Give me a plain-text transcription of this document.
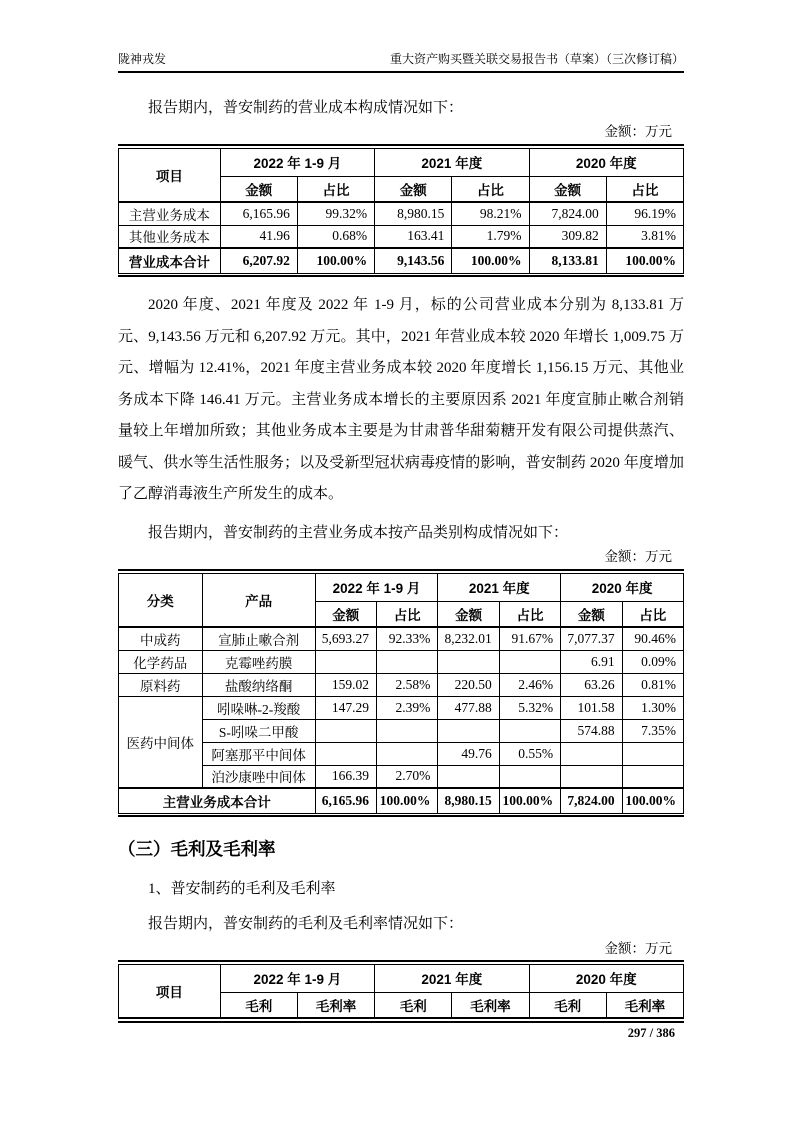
陇神戎发	重大资产购买暨关联交易报告书（草案）（三次修订稿）

报告期内，普安制药的营业成本构成情况如下：

金额：万元
项目	2022 年 1-9 月		2021 年度		2020 年度	
	金额	占比	金额	占比	金额	占比
主营业务成本	6,165.96	99.32%	8,980.15	98.21%	7,824.00	96.19%
其他业务成本	41.96	0.68%	163.41	1.79%	309.82	3.81%
营业成本合计	6,207.92	100.00%	9,143.56	100.00%	8,133.81	100.00%

2020 年度、2021 年度及 2022 年 1-9 月，标的公司营业成本分别为 8,133.81 万元、9,143.56 万元和 6,207.92 万元。其中，2021 年营业成本较 2020 年增长 1,009.75 万元、增幅为 12.41%，2021 年度主营业务成本较 2020 年度增长 1,156.15 万元、其他业务成本下降 146.41 万元。主营业务成本增长的主要原因系 2021 年度宣肺止嗽合剂销量较上年增加所致；其他业务成本主要是为甘肃普华甜菊糖开发有限公司提供蒸汽、暖气、供水等生活性服务；以及受新型冠状病毒疫情的影响，普安制药 2020 年度增加了乙醇消毒液生产所发生的成本。

报告期内，普安制药的主营业务成本按产品类别构成情况如下：

金额：万元
分类	产品	2022 年 1-9 月		2021 年度		2020 年度	
		金额	占比	金额	占比	金额	占比
中成药	宣肺止嗽合剂	5,693.27	92.33%	8,232.01	91.67%	7,077.37	90.46%
化学药品	克霉唑药膜					6.91	0.09%
原料药	盐酸纳络酮	159.02	2.58%	220.50	2.46%	63.26	0.81%
医药中间体	吲哚啉-2-羧酸	147.29	2.39%	477.88	5.32%	101.58	1.30%
	S-吲哚二甲酸					574.88	7.35%
	阿塞那平中间体			49.76	0.55%		
	泊沙康唑中间体	166.39	2.70%				
主营业务成本合计		6,165.96	100.00%	8,980.15	100.00%	7,824.00	100.00%
（三）毛利及毛利率

1、普安制药的毛利及毛利率

报告期内，普安制药的毛利及毛利率情况如下：

金额：万元
项目	2022 年 1-9 月		2021 年度		2020 年度	
	毛利	毛利率	毛利	毛利率	毛利	毛利率
297 / 386
